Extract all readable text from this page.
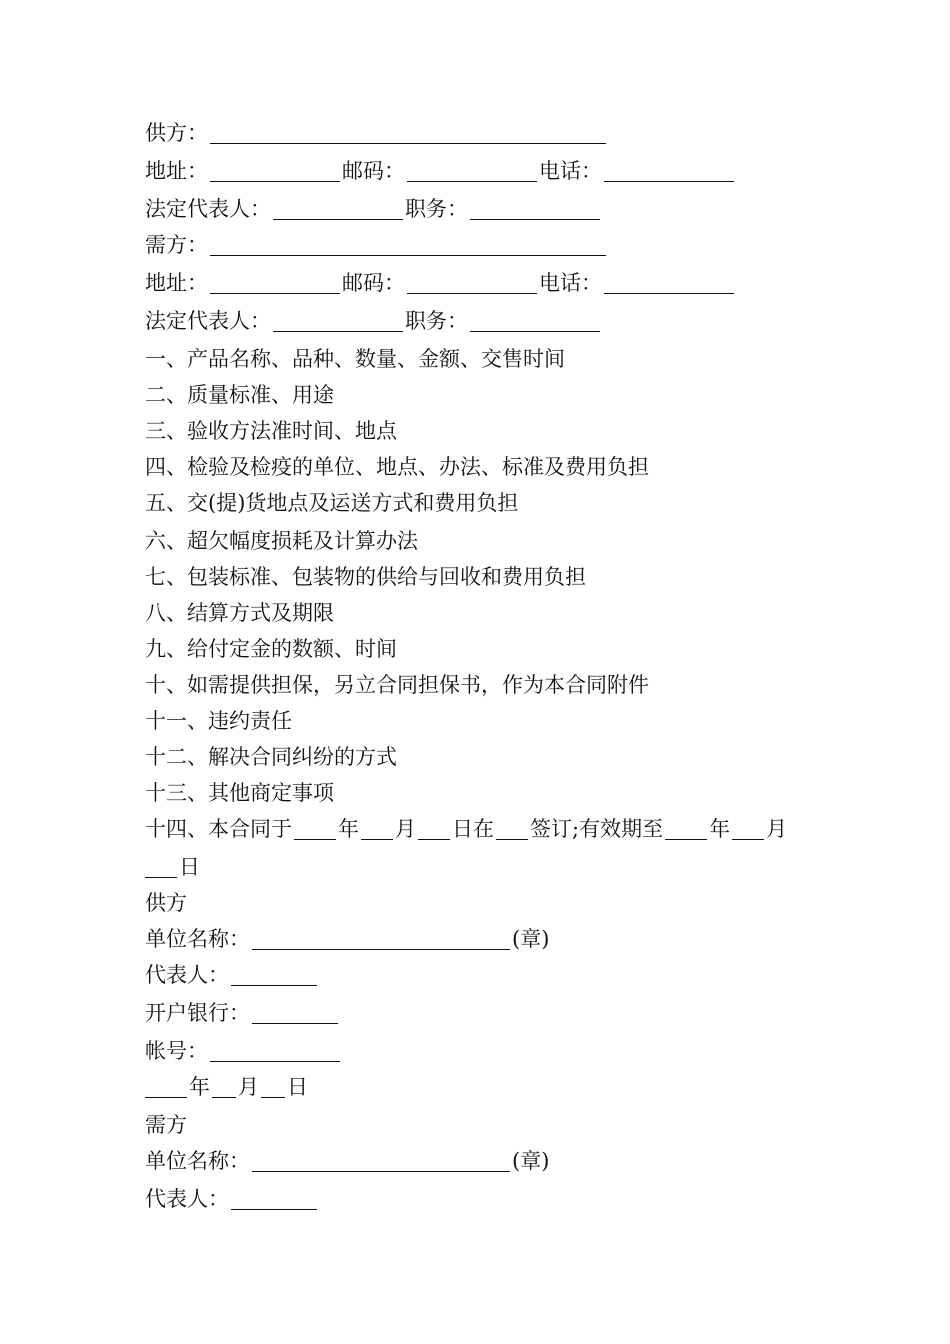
供方：
地址：	邮码：	电话：
法定代表人：	职务：
需方：
地址：	邮码：	电话：
法定代表人：	职务：
一、产品名称、品种、数量、金额、交售时间
二、质量标准、用途
三、验收方法准时间、地点
四、检验及检疫的单位、地点、办法、标准及费用负担
五、交(提)货地点及运送方式和费用负担
六、超欠幅度损耗及计算办法
七、包装标准、包装物的供给与回收和费用负担
八、结算方式及期限
九、给付定金的数额、时间
十、如需提供担保，另立合同担保书，作为本合同附件
十一、违约责任
十二、解决合同纠纷的方式
十三、其他商定事项
十四、本合同于 年 月 日在 签订;有效期至 年 月
日
供方
单位名称：	(章)
代表人：
开户银行：
帐号：
年 月 日
需方
单位名称：	(章)
代表人：
